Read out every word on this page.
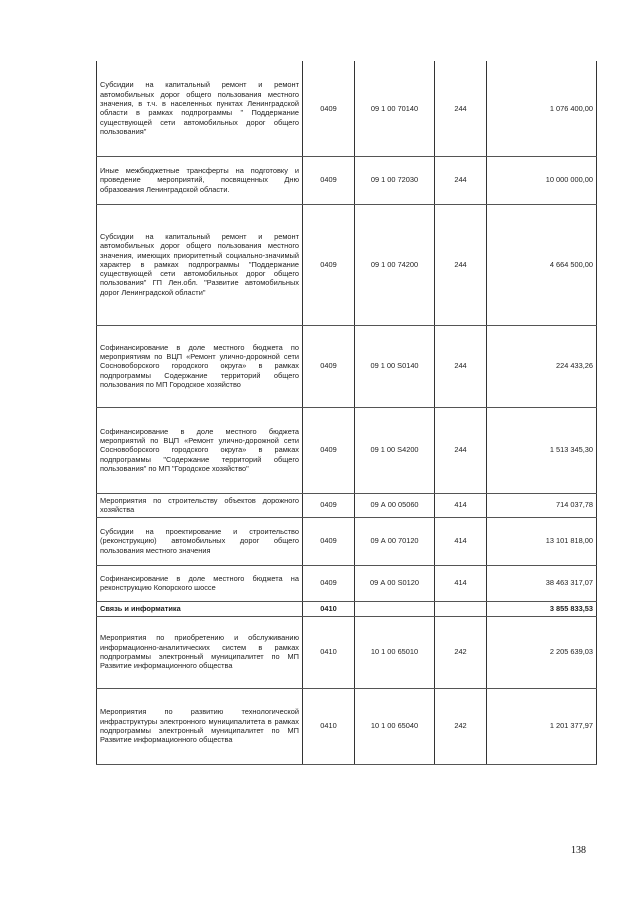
Субсидии на капитальный ремонт и ремонт автомобильных дорог общего пользования местного значения, в т.ч. в населенных пунктах Ленинградской области в рамках подпрограммы " Поддержание существующей сети автомобильных дорог общего пользования"	0409	09 1 00 70140	244	1 076 400,00
Иные межбюджетные трансферты на подготовку и проведение мероприятий, посвященных Дню образования Ленинградской области.	0409	09 1 00 72030	244	10 000 000,00
Субсидии на капитальный ремонт и ремонт автомобильных дорог общего пользования местного значения, имеющих приоритетный социально-значимый характер в рамках подпрограммы "Поддержание существующей сети автомобильных дорог общего пользования" ГП Лен.обл. "Развитие автомобильных дорог Ленинградской области"	0409	09 1 00 74200	244	4 664 500,00
Софинансирование в доле местного бюджета по мероприятиям по ВЦП «Ремонт улично-дорожной сети Сосновоборского городского округа» в рамках подпрограммы Содержание территорий общего пользования по МП Городское хозяйство	0409	09 1 00 S0140	244	224 433,26
Софинансирование в доле местного бюджета мероприятий по ВЦП «Ремонт улично-дорожной сети Сосновоборского городского округа» в рамках подпрограммы "Содержание территорий общего пользования" по МП "Городское хозяйство"	0409	09 1 00 S4200	244	1 513 345,30
Мероприятия по строительству объектов дорожного хозяйства	0409	09 А 00 05060	414	714 037,78
Субсидии на проектирование и строительство (реконструкцию) автомобильных дорог общего пользования местного значения	0409	09 А 00 70120	414	13 101 818,00
Софинансирование в доле местного бюджета на реконструкцию Копорского шоссе	0409	09 А 00 S0120	414	38 463 317,07
Связь и информатика	0410			3 855 833,53
Мероприятия по приобретению и обслуживанию информационно-аналитических систем в рамках подпрограммы электронный муниципалитет по МП Развитие информационного общества	0410	10 1 00 65010	242	2 205 639,03
Мероприятия по развитию технологической инфраструктуры электронного муниципалитета в рамках подпрограммы электронный муниципалитет по МП Развитие информационного общества	0410	10 1 00 65040	242	1 201 377,97
138
